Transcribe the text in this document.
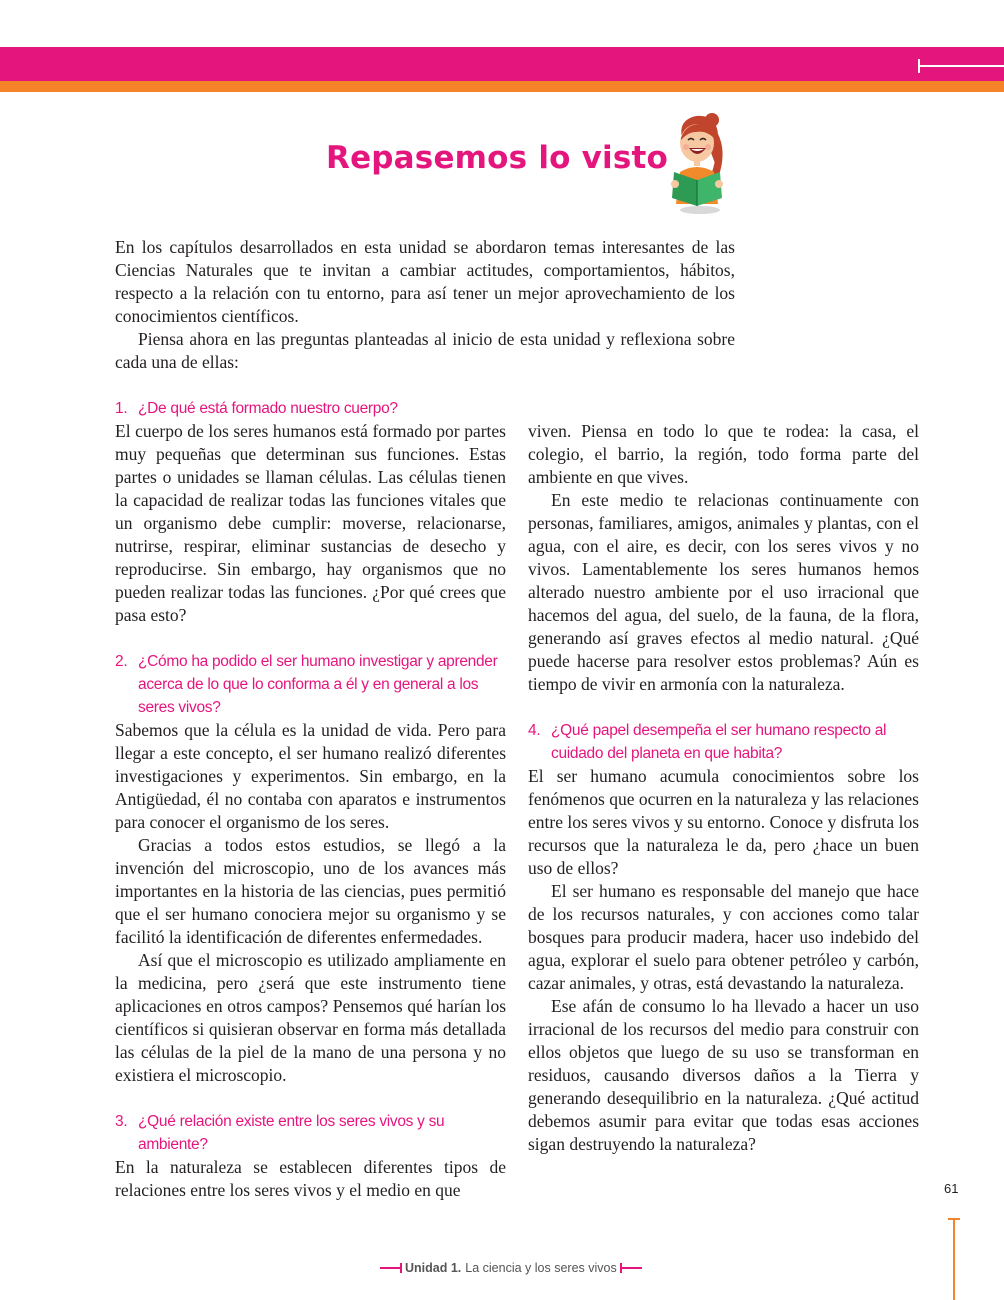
Repasemos lo visto

En los capítulos desarrollados en esta unidad se abordaron temas interesantes de las Ciencias Naturales que te invitan a cambiar actitudes, comportamientos, hábitos, respecto a la relación con tu entorno, para así tener un mejor aprovechamiento de los conocimientos científicos.

Piensa ahora en las preguntas planteadas al inicio de esta unidad y reflexiona sobre cada una de ellas:

1. ¿De qué está formado nuestro cuerpo?

El cuerpo de los seres humanos está formado por partes muy pequeñas que determinan sus funciones. Estas partes o unidades se llaman células. Las células tienen la capacidad de realizar todas las funciones vitales que un organismo debe cumplir: moverse, relacionarse, nutrirse, respirar, eliminar sustancias de desecho y reproducirse. Sin embargo, hay organismos que no pueden realizar todas las funciones. ¿Por qué crees que pasa esto?

2. ¿Cómo ha podido el ser humano investigar y aprender acerca de lo que lo conforma a él y en general a los seres vivos?

Sabemos que la célula es la unidad de vida. Pero para llegar a este concepto, el ser humano realizó diferentes investigaciones y experimentos. Sin embargo, en la Antigüedad, él no contaba con aparatos e instrumentos para conocer el organismo de los seres.

Gracias a todos estos estudios, se llegó a la invención del microscopio, uno de los avances más importantes en la historia de las ciencias, pues permitió que el ser humano conociera mejor su organismo y se facilitó la identificación de diferentes enfermedades.

Así que el microscopio es utilizado ampliamente en la medicina, pero ¿será que este instrumento tiene aplicaciones en otros campos? Pensemos qué harían los científicos si quisieran observar en forma más detallada las células de la piel de la mano de una persona y no existiera el microscopio.

3. ¿Qué relación existe entre los seres vivos y su ambiente?

En la naturaleza se establecen diferentes tipos de relaciones entre los seres vivos y el medio en que

viven. Piensa en todo lo que te rodea: la casa, el colegio, el barrio, la región, todo forma parte del ambiente en que vives.

En este medio te relacionas continuamente con personas, familiares, amigos, animales y plantas, con el agua, con el aire, es decir, con los seres vivos y no vivos. Lamentablemente los seres humanos hemos alterado nuestro ambiente por el uso irracional que hacemos del agua, del suelo, de la fauna, de la flora, generando así graves efectos al medio natural. ¿Qué puede hacerse para resolver estos problemas? Aún es tiempo de vivir en armonía con la naturaleza.

4. ¿Qué papel desempeña el ser humano respecto al cuidado del planeta en que habita?

El ser humano acumula conocimientos sobre los fenómenos que ocurren en la naturaleza y las relaciones entre los seres vivos y su entorno. Conoce y disfruta los recursos que la naturaleza le da, pero ¿hace un buen uso de ellos?

El ser humano es responsable del manejo que hace de los recursos naturales, y con acciones como talar bosques para producir madera, hacer uso indebido del agua, explorar el suelo para obtener petróleo y carbón, cazar animales, y otras, está devastando la naturaleza.

Ese afán de consumo lo ha llevado a hacer un uso irracional de los recursos del medio para construir con ellos objetos que luego de su uso se transforman en residuos, causando diversos daños a la Tierra y generando desequilibrio en la naturaleza. ¿Qué actitud debemos asumir para evitar que todas esas acciones sigan destruyendo la naturaleza?

61
Unidad 1. La ciencia y los seres vivos
